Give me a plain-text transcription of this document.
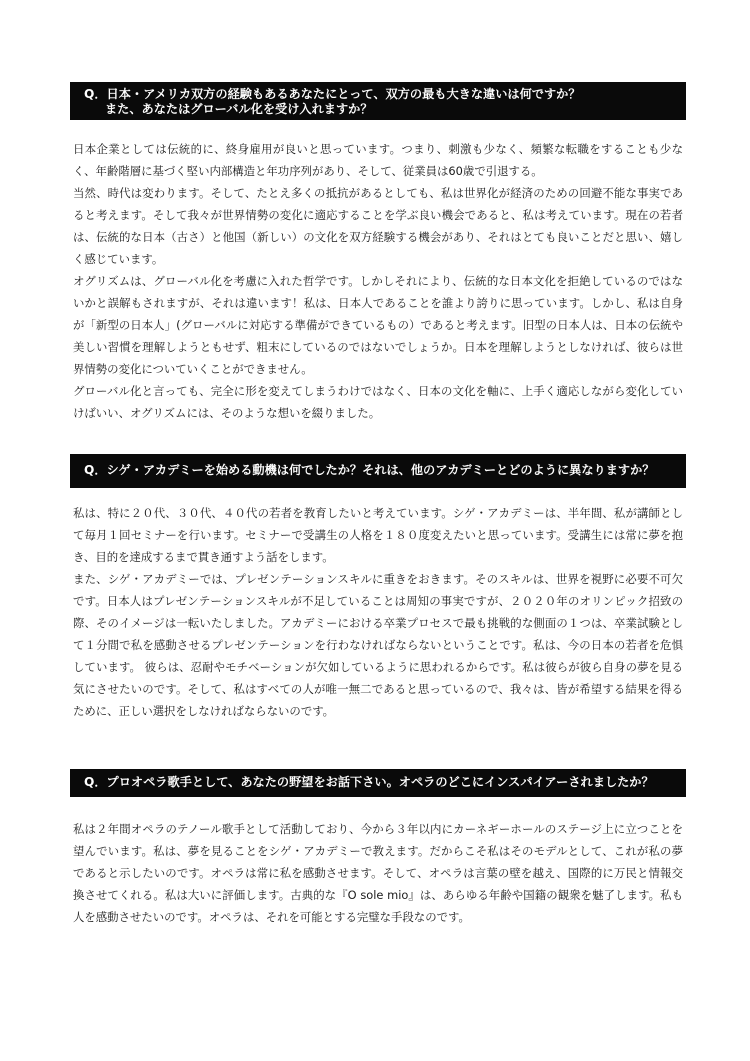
Q．日本・アメリカ双方の経験もあるあなたにとって、双方の最も大きな違いは何ですか？
また、あなたはグローバル化を受け入れますか？

日本企業としては伝統的に、終身雇用が良いと思っています。つまり、刺激も少なく、頻繁な転職をすることも少なく、年齢階層に基づく堅い内部構造と年功序列があり、そして、従業員は60歳で引退する。

当然、時代は変わります。そして、たとえ多くの抵抗があるとしても、私は世界化が経済のための回避不能な事実であると考えます。そして我々が世界情勢の変化に適応することを学ぶ良い機会であると、私は考えています。現在の若者は、伝統的な日本（古さ）と他国（新しい）の文化を双方経験する機会があり、それはとても良いことだと思い、嬉しく感じています。

オグリズムは、グローバル化を考慮に入れた哲学です。しかしそれにより、伝統的な日本文化を拒絶しているのではないかと誤解もされますが、それは違います！私は、日本人であることを誰より誇りに思っています。しかし、私は自身が「新型の日本人」(グローバルに対応する準備ができているもの）であると考えます。旧型の日本人は、日本の伝統や美しい習慣を理解しようともせず、粗末にしているのではないでしょうか。日本を理解しようとしなければ、彼らは世界情勢の変化についていくことができません。

グローバル化と言っても、完全に形を変えてしまうわけではなく、日本の文化を軸に、上手く適応しながら変化していけばいい、オグリズムには、そのような想いを綴りました。

Q．シゲ・アカデミーを始める動機は何でしたか？それは、他のアカデミーとどのように異なりますか？

私は、特に２０代、３０代、４０代の若者を教育したいと考えています。シゲ・アカデミーは、半年間、私が講師として毎月１回セミナーを行います。セミナーで受講生の人格を１８０度変えたいと思っています。受講生には常に夢を抱き、目的を達成するまで貫き通すよう話をします。

また、シゲ・アカデミーでは、プレゼンテーションスキルに重きをおきます。そのスキルは、世界を視野に必要不可欠です。日本人はプレゼンテーションスキルが不足していることは周知の事実ですが、２０２０年のオリンピック招致の際、そのイメージは一転いたしました。アカデミーにおける卒業プロセスで最も挑戦的な側面の１つは、卒業試験として１分間で私を感動させるプレゼンテーションを行わなければならないということです。私は、今の日本の若者を危惧しています。 彼らは、忍耐やモチベーションが欠如しているように思われるからです。私は彼らが彼ら自身の夢を見る気にさせたいのです。そして、私はすべての人が唯一無二であると思っているので、我々は、皆が希望する結果を得るために、正しい選択をしなければならないのです。

Q．プロオペラ歌手として、あなたの野望をお話下さい。オペラのどこにインスパイアーされましたか？

私は２年間オペラのテノール歌手として活動しており、今から３年以内にカーネギーホールのステージ上に立つことを望んでいます。私は、夢を見ることをシゲ・アカデミーで教えます。だからこそ私はそのモデルとして、これが私の夢であると示したいのです。オペラは常に私を感動させます。そして、オペラは言葉の壁を越え、国際的に万民と情報交換させてくれる。私は大いに評価します。古典的な『O sole mio』は、あらゆる年齢や国籍の観衆を魅了します。私も人を感動させたいのです。オペラは、それを可能とする完璧な手段なのです。
